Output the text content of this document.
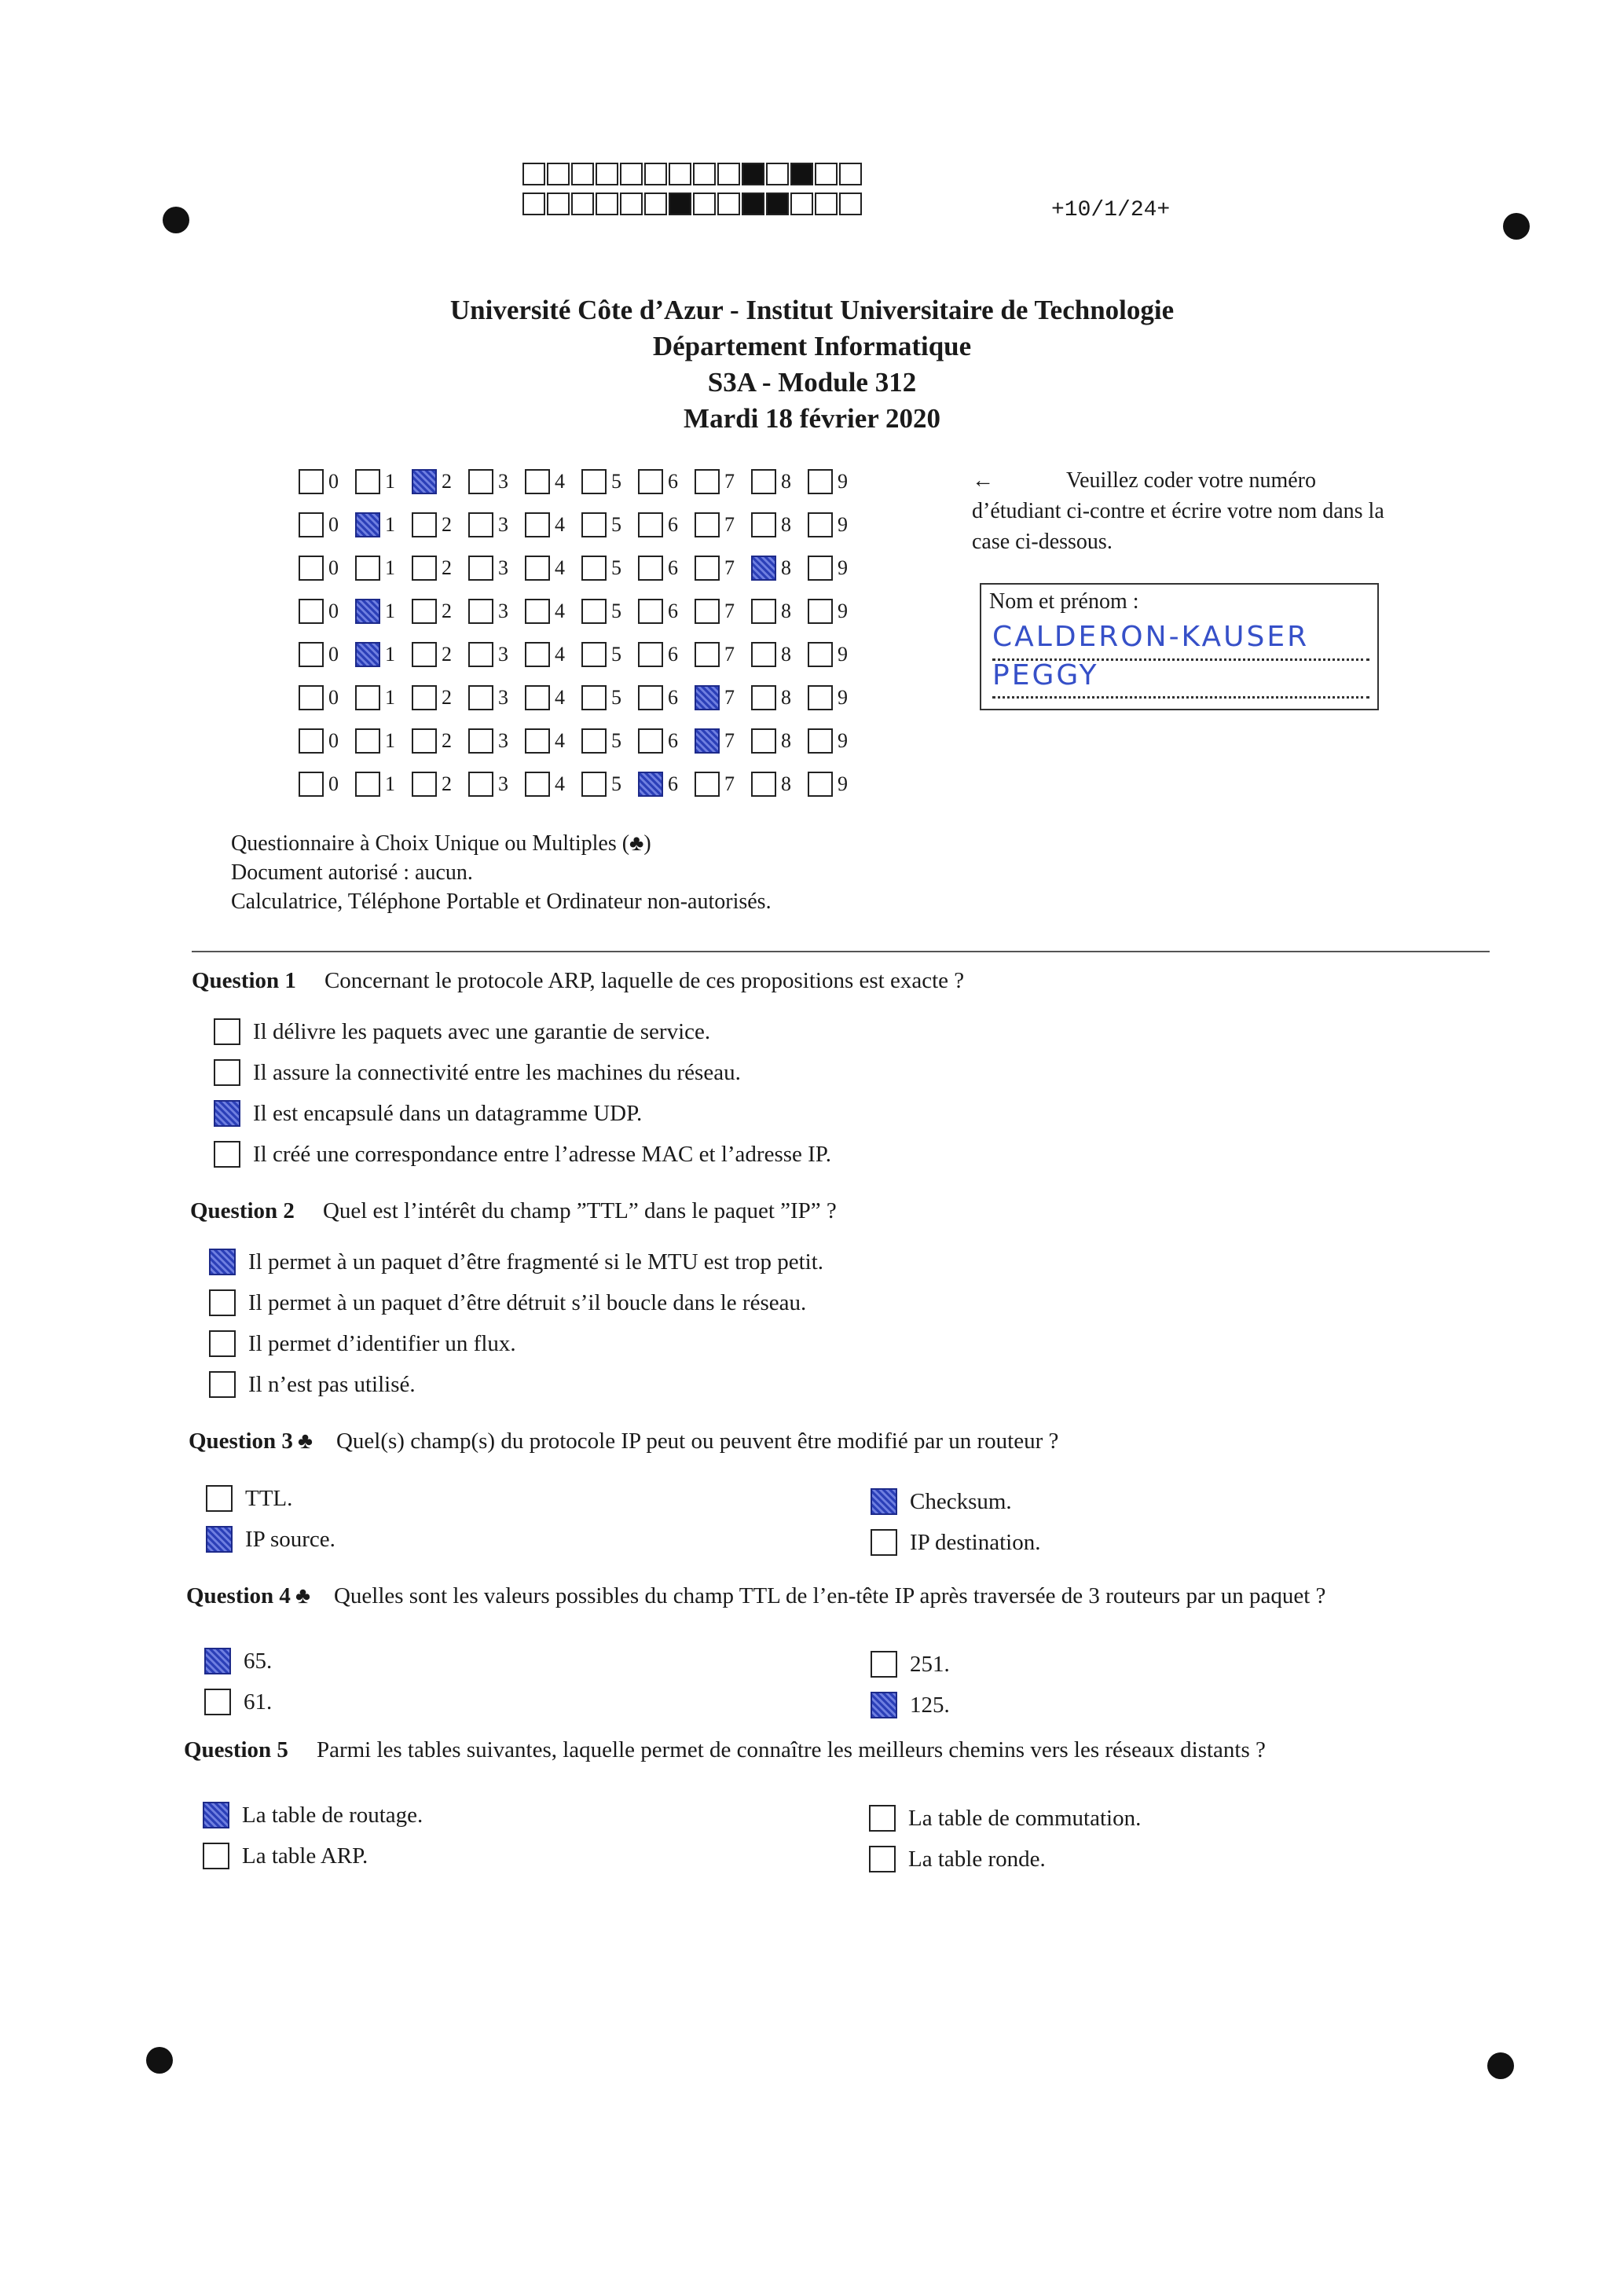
+10/1/24+
Université Côte d’Azur - Institut Universitaire de Technologie
Département Informatique
S3A - Module 312
Mardi 18 février 2020
0 1 2 3 4 5 6 7 8 9
0 1 2 3 4 5 6 7 8 9
0 1 2 3 4 5 6 7 8 9
0 1 2 3 4 5 6 7 8 9
0 1 2 3 4 5 6 7 8 9
0 1 2 3 4 5 6 7 8 9
0 1 2 3 4 5 6 7 8 9
0 1 2 3 4 5 6 7 8 9
←	Veuillez coder votre numéro d’étudiant ci-contre et écrire votre nom dans la case ci-dessous.
Nom et prénom :
CALDERON-KAUSER
PEGGY
Questionnaire à Choix Unique ou Multiples (♣)
Document autorisé : aucun.
Calculatrice, Téléphone Portable et Ordinateur non-autorisés.
Question 1 Concernant le protocole ARP, laquelle de ces propositions est exacte ?
Il délivre les paquets avec une garantie de service.
Il assure la connectivité entre les machines du réseau.
Il est encapsulé dans un datagramme UDP.
Il créé une correspondance entre l’adresse MAC et l’adresse IP.
Question 2 Quel est l’intérêt du champ ”TTL” dans le paquet ”IP” ?
Il permet à un paquet d’être fragmenté si le MTU est trop petit.
Il permet à un paquet d’être détruit s’il boucle dans le réseau.
Il permet d’identifier un flux.
Il n’est pas utilisé.
Question 3 ♣ Quel(s) champ(s) du protocole IP peut ou peuvent être modifié par un routeur ?
TTL.
IP source.
Checksum.
IP destination.
Question 4 ♣ Quelles sont les valeurs possibles du champ TTL de l’en-tête IP après traversée de 3 routeurs par un paquet ?
65.
61.
251.
125.
Question 5 Parmi les tables suivantes, laquelle permet de connaître les meilleurs chemins vers les réseaux distants ?
La table de routage.
La table ARP.
La table de commutation.
La table ronde.
